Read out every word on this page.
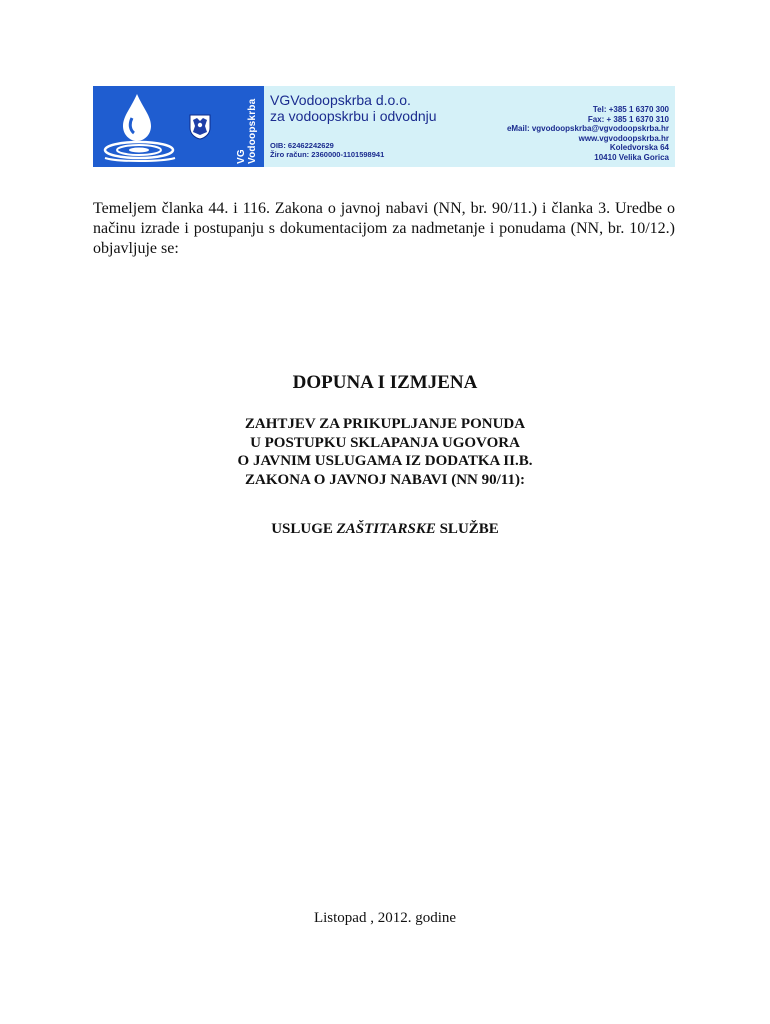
VG Vodoopskrba VGVodoopskrba d.o.o.
za vodoopskrbu i odvodnju
OIB: 62462242629
Žiro račun: 2360000-1101598941
Tel: +385 1 6370 300
Fax: + 385 1 6370 310
eMail: vgvodoopskrba@vgvodoopskrba.hr
www.vgvodoopskrba.hr
Koledvorska 64
10410 Velika Gorica
Temeljem članka 44. i 116. Zakona o javnoj nabavi (NN, br. 90/11.) i članka 3. Uredbe o načinu izrade i postupanju s dokumentacijom za nadmetanje i ponudama (NN, br. 10/12.) objavljuje se:
DOPUNA I IZMJENA
ZAHTJEV ZA PRIKUPLJANJE PONUDA
U POSTUPKU SKLAPANJA UGOVORA
O JAVNIM USLUGAMA IZ DODATKA II.B.
ZAKONA O JAVNOJ NABAVI (NN 90/11):
USLUGE ZAŠTITARSKE SLUŽBE
Listopad , 2012. godine
